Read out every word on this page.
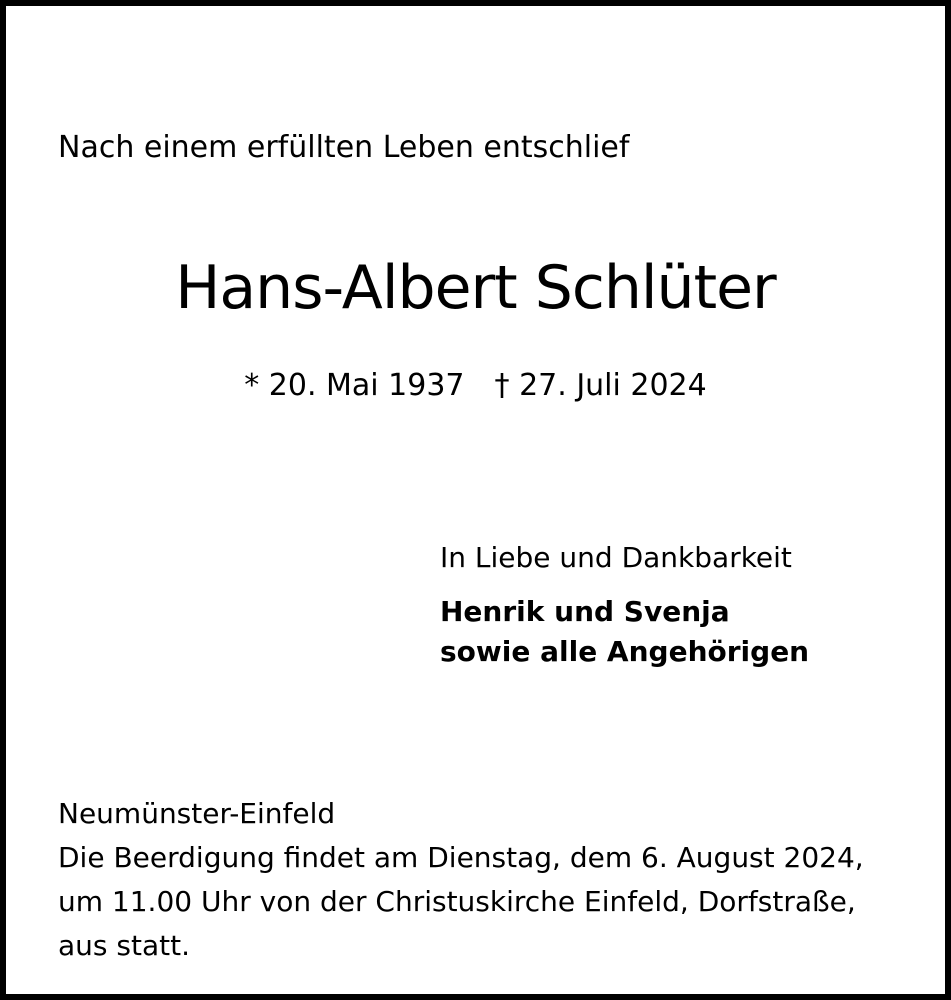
Nach einem erfüllten Leben entschlief
Hans-Albert Schlüter
* 20. Mai 1937 † 27. Juli 2024
In Liebe und Dankbarkeit
Henrik und Svenja
sowie alle Angehörigen
Neumünster-Einfeld
Die Beerdigung findet am Dienstag, dem 6. August 2024,
um 11.00 Uhr von der Christuskirche Einfeld, Dorfstraße,
aus statt.
